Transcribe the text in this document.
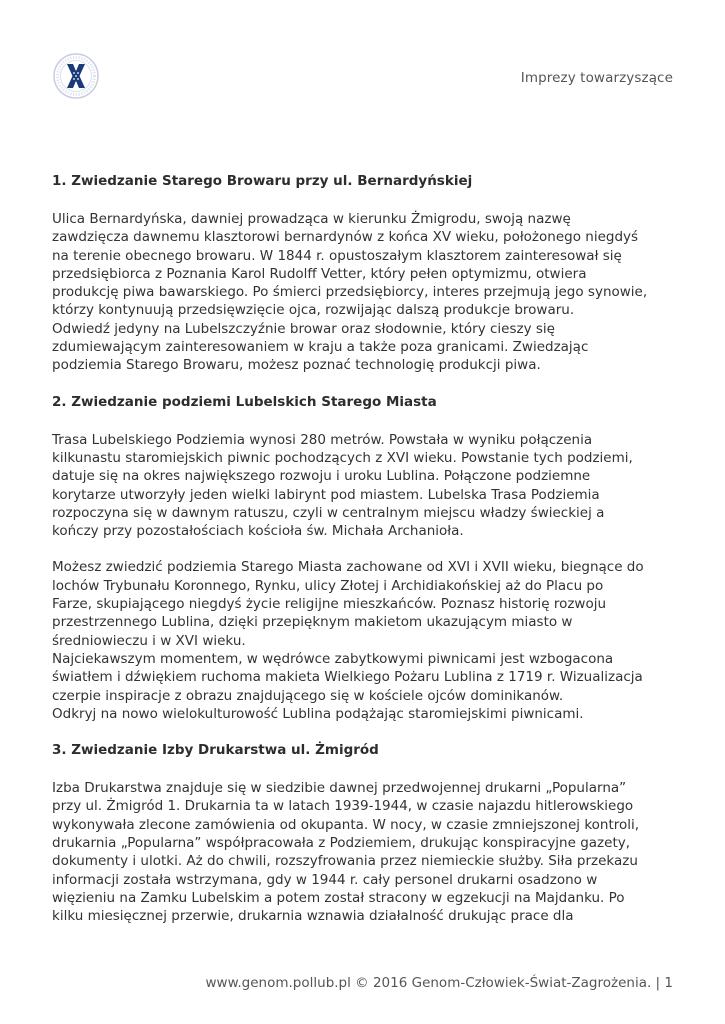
Imprezy towarzyszące
1. Zwiedzanie Starego Browaru przy ul. Bernardyńskiej

Ulica Bernardyńska, dawniej prowadząca w kierunku Żmigrodu, swoją nazwę
zawdzięcza dawnemu klasztorowi bernardynów z końca XV wieku, położonego niegdyś
na terenie obecnego browaru. W 1844 r. opustoszałym klasztorem zainteresował się
przedsiębiorca z Poznania Karol Rudolff Vetter, który pełen optymizmu, otwiera
produkcję piwa bawarskiego. Po śmierci przedsiębiorcy, interes przejmują jego synowie,
którzy kontynuują przedsięwzięcie ojca, rozwijając dalszą produkcje browaru.
Odwiedź jedyny na Lubelszczyźnie browar oraz słodownie, który cieszy się
zdumiewającym zainteresowaniem w kraju a także poza granicami. Zwiedzając
podziemia Starego Browaru, możesz poznać technologię produkcji piwa.

2. Zwiedzanie podziemi Lubelskich Starego Miasta

Trasa Lubelskiego Podziemia wynosi 280 metrów. Powstała w wyniku połączenia
kilkunastu staromiejskich piwnic pochodzących z XVI wieku. Powstanie tych podziemi,
datuje się na okres największego rozwoju i uroku Lublina. Połączone podziemne
korytarze utworzyły jeden wielki labirynt pod miastem. Lubelska Trasa Podziemia
rozpoczyna się w dawnym ratuszu, czyli w centralnym miejscu władzy świeckiej a
kończy przy pozostałościach kościoła św. Michała Archanioła.

Możesz zwiedzić podziemia Starego Miasta zachowane od XVI i XVII wieku, biegnące do
lochów Trybunału Koronnego, Rynku, ulicy Złotej i Archidiakońskiej aż do Placu po
Farze, skupiającego niegdyś życie religijne mieszkańców. Poznasz historię rozwoju
przestrzennego Lublina, dzięki przepięknym makietom ukazującym miasto w
średniowieczu i w XVI wieku.
Najciekawszym momentem, w wędrówce zabytkowymi piwnicami jest wzbogacona
światłem i dźwiękiem ruchoma makieta Wielkiego Pożaru Lublina z 1719 r. Wizualizacja
czerpie inspiracje z obrazu znajdującego się w kościele ojców dominikanów.
Odkryj na nowo wielokulturowość Lublina podążając staromiejskimi piwnicami.

3. Zwiedzanie Izby Drukarstwa ul. Żmigród

Izba Drukarstwa znajduje się w siedzibie dawnej przedwojennej drukarni „Popularna”
przy ul. Żmigród 1. Drukarnia ta w latach 1939-1944, w czasie najazdu hitlerowskiego
wykonywała zlecone zamówienia od okupanta. W nocy, w czasie zmniejszonej kontroli,
drukarnia „Popularna” współpracowała z Podziemiem, drukując konspiracyjne gazety,
dokumenty i ulotki. Aż do chwili, rozszyfrowania przez niemieckie służby. Siła przekazu
informacji została wstrzymana, gdy w 1944 r. cały personel drukarni osadzono w
więzieniu na Zamku Lubelskim a potem został stracony w egzekucji na Majdanku. Po
kilku miesięcznej przerwie, drukarnia wznawia działalność drukując prace dla

www.genom.pollub.pl © 2016 Genom-Człowiek-Świat-Zagrożenia. | 1
